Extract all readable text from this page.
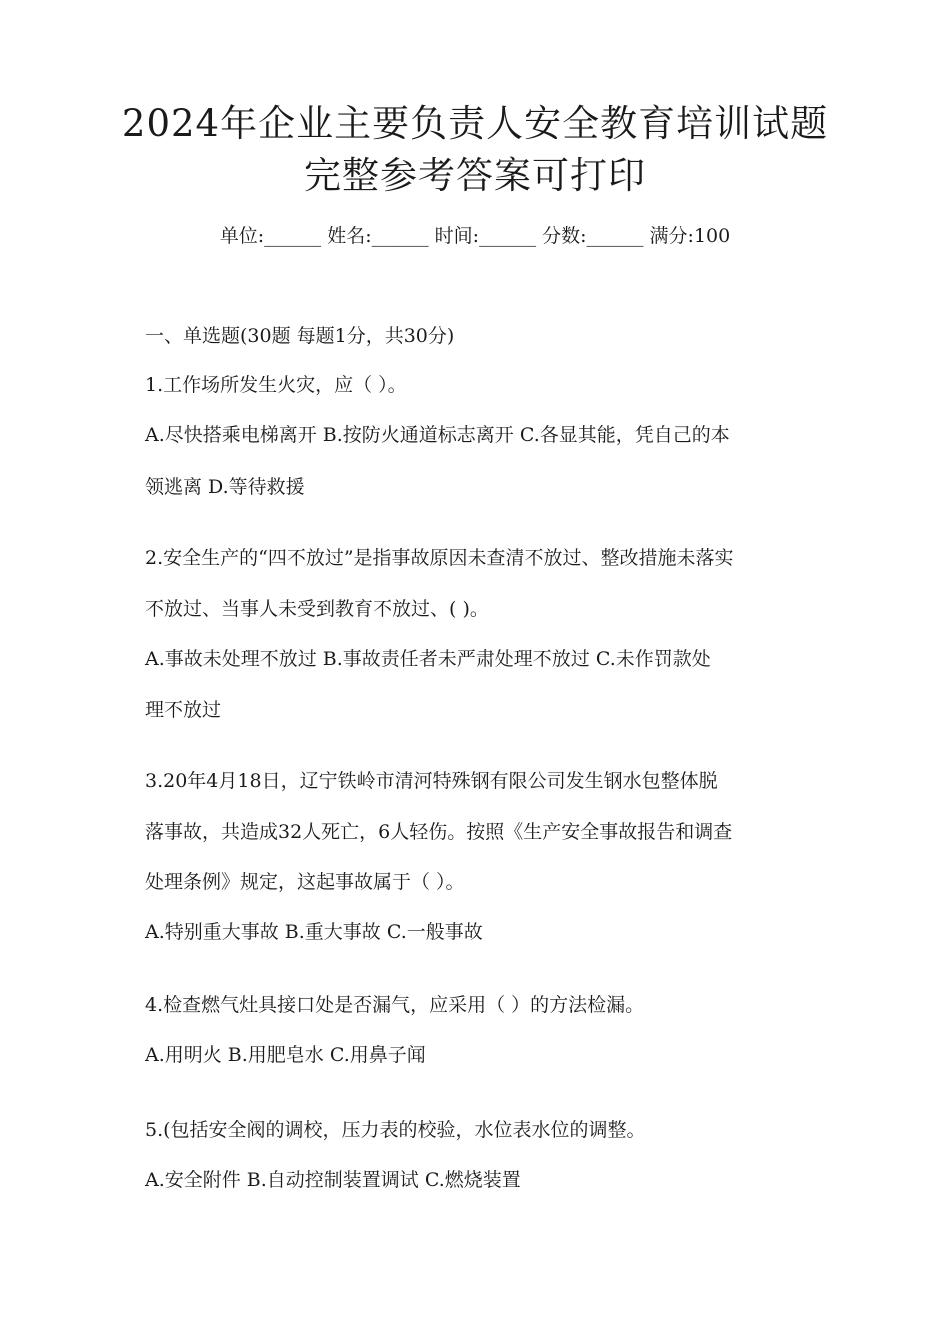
2024年企业主要负责人安全教育培训试题
完整参考答案可打印
单位:______ 姓名:______ 时间:______ 分数:______ 满分:100

一、单选题(30题 每题1分，共30分)

1.工作场所发生火灾，应（ ）。

A.尽快搭乘电梯离开 B.按防火通道标志离开 C.各显其能，凭自己的本

领逃离 D.等待救援

2.安全生产的“四不放过”是指事故原因未查清不放过、整改措施未落实

不放过、当事人未受到教育不放过、( )。

A.事故未处理不放过 B.事故责任者未严肃处理不放过 C.未作罚款处

理不放过

3.20年4月18日，辽宁铁岭市清河特殊钢有限公司发生钢水包整体脱

落事故，共造成32人死亡，6人轻伤。按照《生产安全事故报告和调查

处理条例》规定，这起事故属于（ ）。

A.特别重大事故 B.重大事故 C.一般事故

4.检查燃气灶具接口处是否漏气，应采用（ ）的方法检漏。

A.用明火 B.用肥皂水 C.用鼻子闻

5.(包括安全阀的调校，压力表的校验，水位表水位的调整。

A.安全附件 B.自动控制装置调试 C.燃烧装置
